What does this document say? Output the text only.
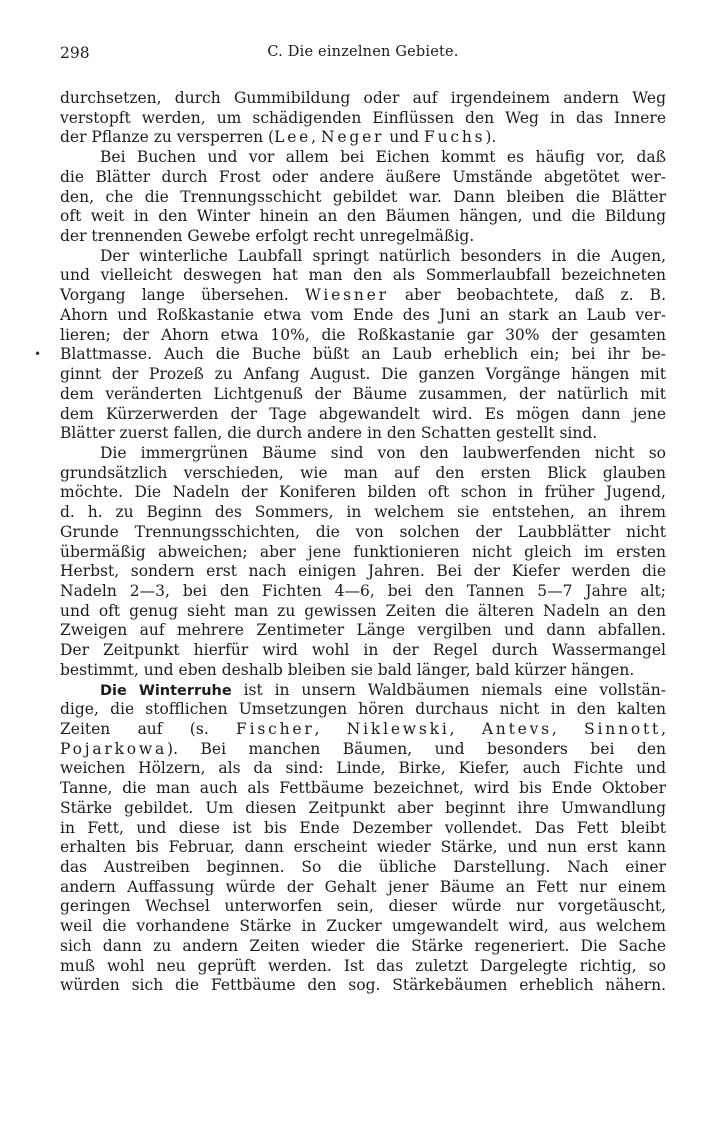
298	C. Die einzelnen Gebiete.
durchsetzen, durch Gummibildung oder auf irgendeinem andern Weg
verstopft werden, um schädigenden Einflüssen den Weg in das Innere
der Pflanze zu versperren (Lee, Neger und Fuchs).
Bei Buchen und vor allem bei Eichen kommt es häufig vor, daß
die Blätter durch Frost oder andere äußere Umstände abgetötet wer-
den, che die Trennungsschicht gebildet war. Dann bleiben die Blätter
oft weit in den Winter hinein an den Bäumen hängen, und die Bildung
der trennenden Gewebe erfolgt recht unregelmäßig.
Der winterliche Laubfall springt natürlich besonders in die Augen,
und vielleicht deswegen hat man den als Sommerlaubfall bezeichneten
Vorgang lange übersehen. Wiesner aber beobachtete, daß z. B.
Ahorn und Roßkastanie etwa vom Ende des Juni an stark an Laub ver-
lieren; der Ahorn etwa 10%, die Roßkastanie gar 30% der gesamten
• Blattmasse. Auch die Buche büßt an Laub erheblich ein; bei ihr be-
ginnt der Prozeß zu Anfang August. Die ganzen Vorgänge hängen mit
dem veränderten Lichtgenuß der Bäume zusammen, der natürlich mit
dem Kürzerwerden der Tage abgewandelt wird. Es mögen dann jene
Blätter zuerst fallen, die durch andere in den Schatten gestellt sind.
Die immergrünen Bäume sind von den laubwerfenden nicht so
grundsätzlich verschieden, wie man auf den ersten Blick glauben
möchte. Die Nadeln der Koniferen bilden oft schon in früher Jugend,
d. h. zu Beginn des Sommers, in welchem sie entstehen, an ihrem
Grunde Trennungsschichten, die von solchen der Laubblätter nicht
übermäßig abweichen; aber jene funktionieren nicht gleich im ersten
Herbst, sondern erst nach einigen Jahren. Bei der Kiefer werden die
Nadeln 2—3, bei den Fichten 4—6, bei den Tannen 5—7 Jahre alt;
und oft genug sieht man zu gewissen Zeiten die älteren Nadeln an den
Zweigen auf mehrere Zentimeter Länge vergilben und dann abfallen.
Der Zeitpunkt hierfür wird wohl in der Regel durch Wassermangel
bestimmt, und eben deshalb bleiben sie bald länger, bald kürzer hängen.
Die Winterruhe ist in unsern Waldbäumen niemals eine vollstän-
dige, die stofflichen Umsetzungen hören durchaus nicht in den kalten
Zeiten auf (s. Fischer, Niklewski, Antevs, Sinnott,
Pojarkowa). Bei manchen Bäumen, und besonders bei den
weichen Hölzern, als da sind: Linde, Birke, Kiefer, auch Fichte und
Tanne, die man auch als Fettbäume bezeichnet, wird bis Ende Oktober
Stärke gebildet. Um diesen Zeitpunkt aber beginnt ihre Umwandlung
in Fett, und diese ist bis Ende Dezember vollendet. Das Fett bleibt
erhalten bis Februar, dann erscheint wieder Stärke, und nun erst kann
das Austreiben beginnen. So die übliche Darstellung. Nach einer
andern Auffassung würde der Gehalt jener Bäume an Fett nur einem
geringen Wechsel unterworfen sein, dieser würde nur vorgetäuscht,
weil die vorhandene Stärke in Zucker umgewandelt wird, aus welchem
sich dann zu andern Zeiten wieder die Stärke regeneriert. Die Sache
muß wohl neu geprüft werden. Ist das zuletzt Dargelegte richtig, so
würden sich die Fettbäume den sog. Stärkebäumen erheblich nähern.
